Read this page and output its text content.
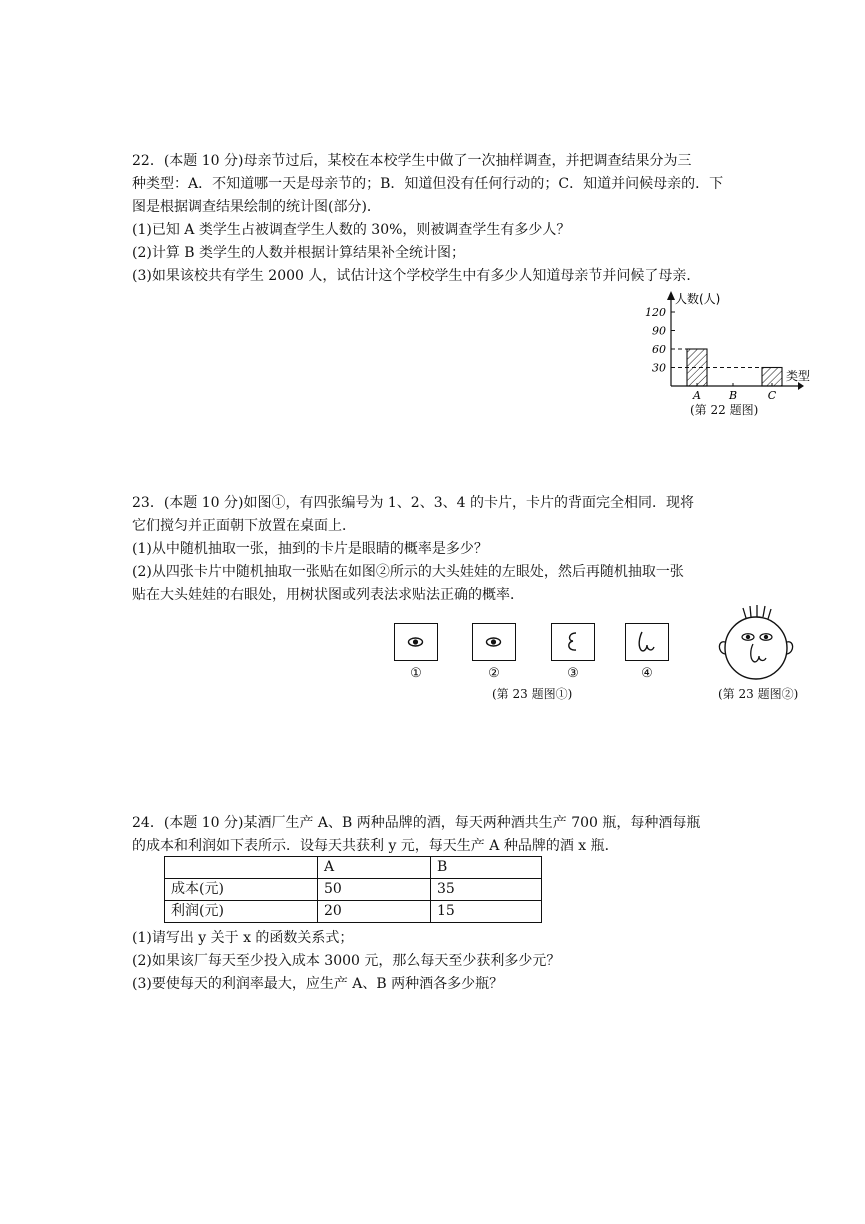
22．(本题 10 分)母亲节过后，某校在本校学生中做了一次抽样调查，并把调查结果分为三
种类型：A．不知道哪一天是母亲节的；B．知道但没有任何行动的；C．知道并问候母亲的．下
图是根据调查结果绘制的统计图(部分)．
(1)已知 A 类学生占被调查学生人数的 30%，则被调查学生有多少人？
(2)计算 B 类学生的人数并根据计算结果补全统计图；
(3)如果该校共有学生 2000 人，试估计这个学校学生中有多少人知道母亲节并问候了母亲．
30
60
90
120
A	B	C
人数(人)
类型
(第 22 题图)
23．(本题 10 分)如图①，有四张编号为 1、2、3、4 的卡片，卡片的背面完全相同．现将
它们搅匀并正面朝下放置在桌面上．
(1)从中随机抽取一张，抽到的卡片是眼睛的概率是多少？
(2)从四张卡片中随机抽取一张贴在如图②所示的大头娃娃的左眼处，然后再随机抽取一张
贴在大头娃娃的右眼处，用树状图或列表法求贴法正确的概率．
①	②	③	④
(第 23 题图①)	(第 23 题图②)
24．(本题 10 分)某酒厂生产 A、B 两种品牌的酒，每天两种酒共生产 700 瓶，每种酒每瓶
的成本和利润如下表所示．设每天共获利 y 元，每天生产 A 种品牌的酒 x 瓶．
	A	B
成本(元)	50	35
利润(元)	20	15
(1)请写出 y 关于 x 的函数关系式；
(2)如果该厂每天至少投入成本 3000 元，那么每天至少获利多少元？
(3)要使每天的利润率最大，应生产 A、B 两种酒各多少瓶？
